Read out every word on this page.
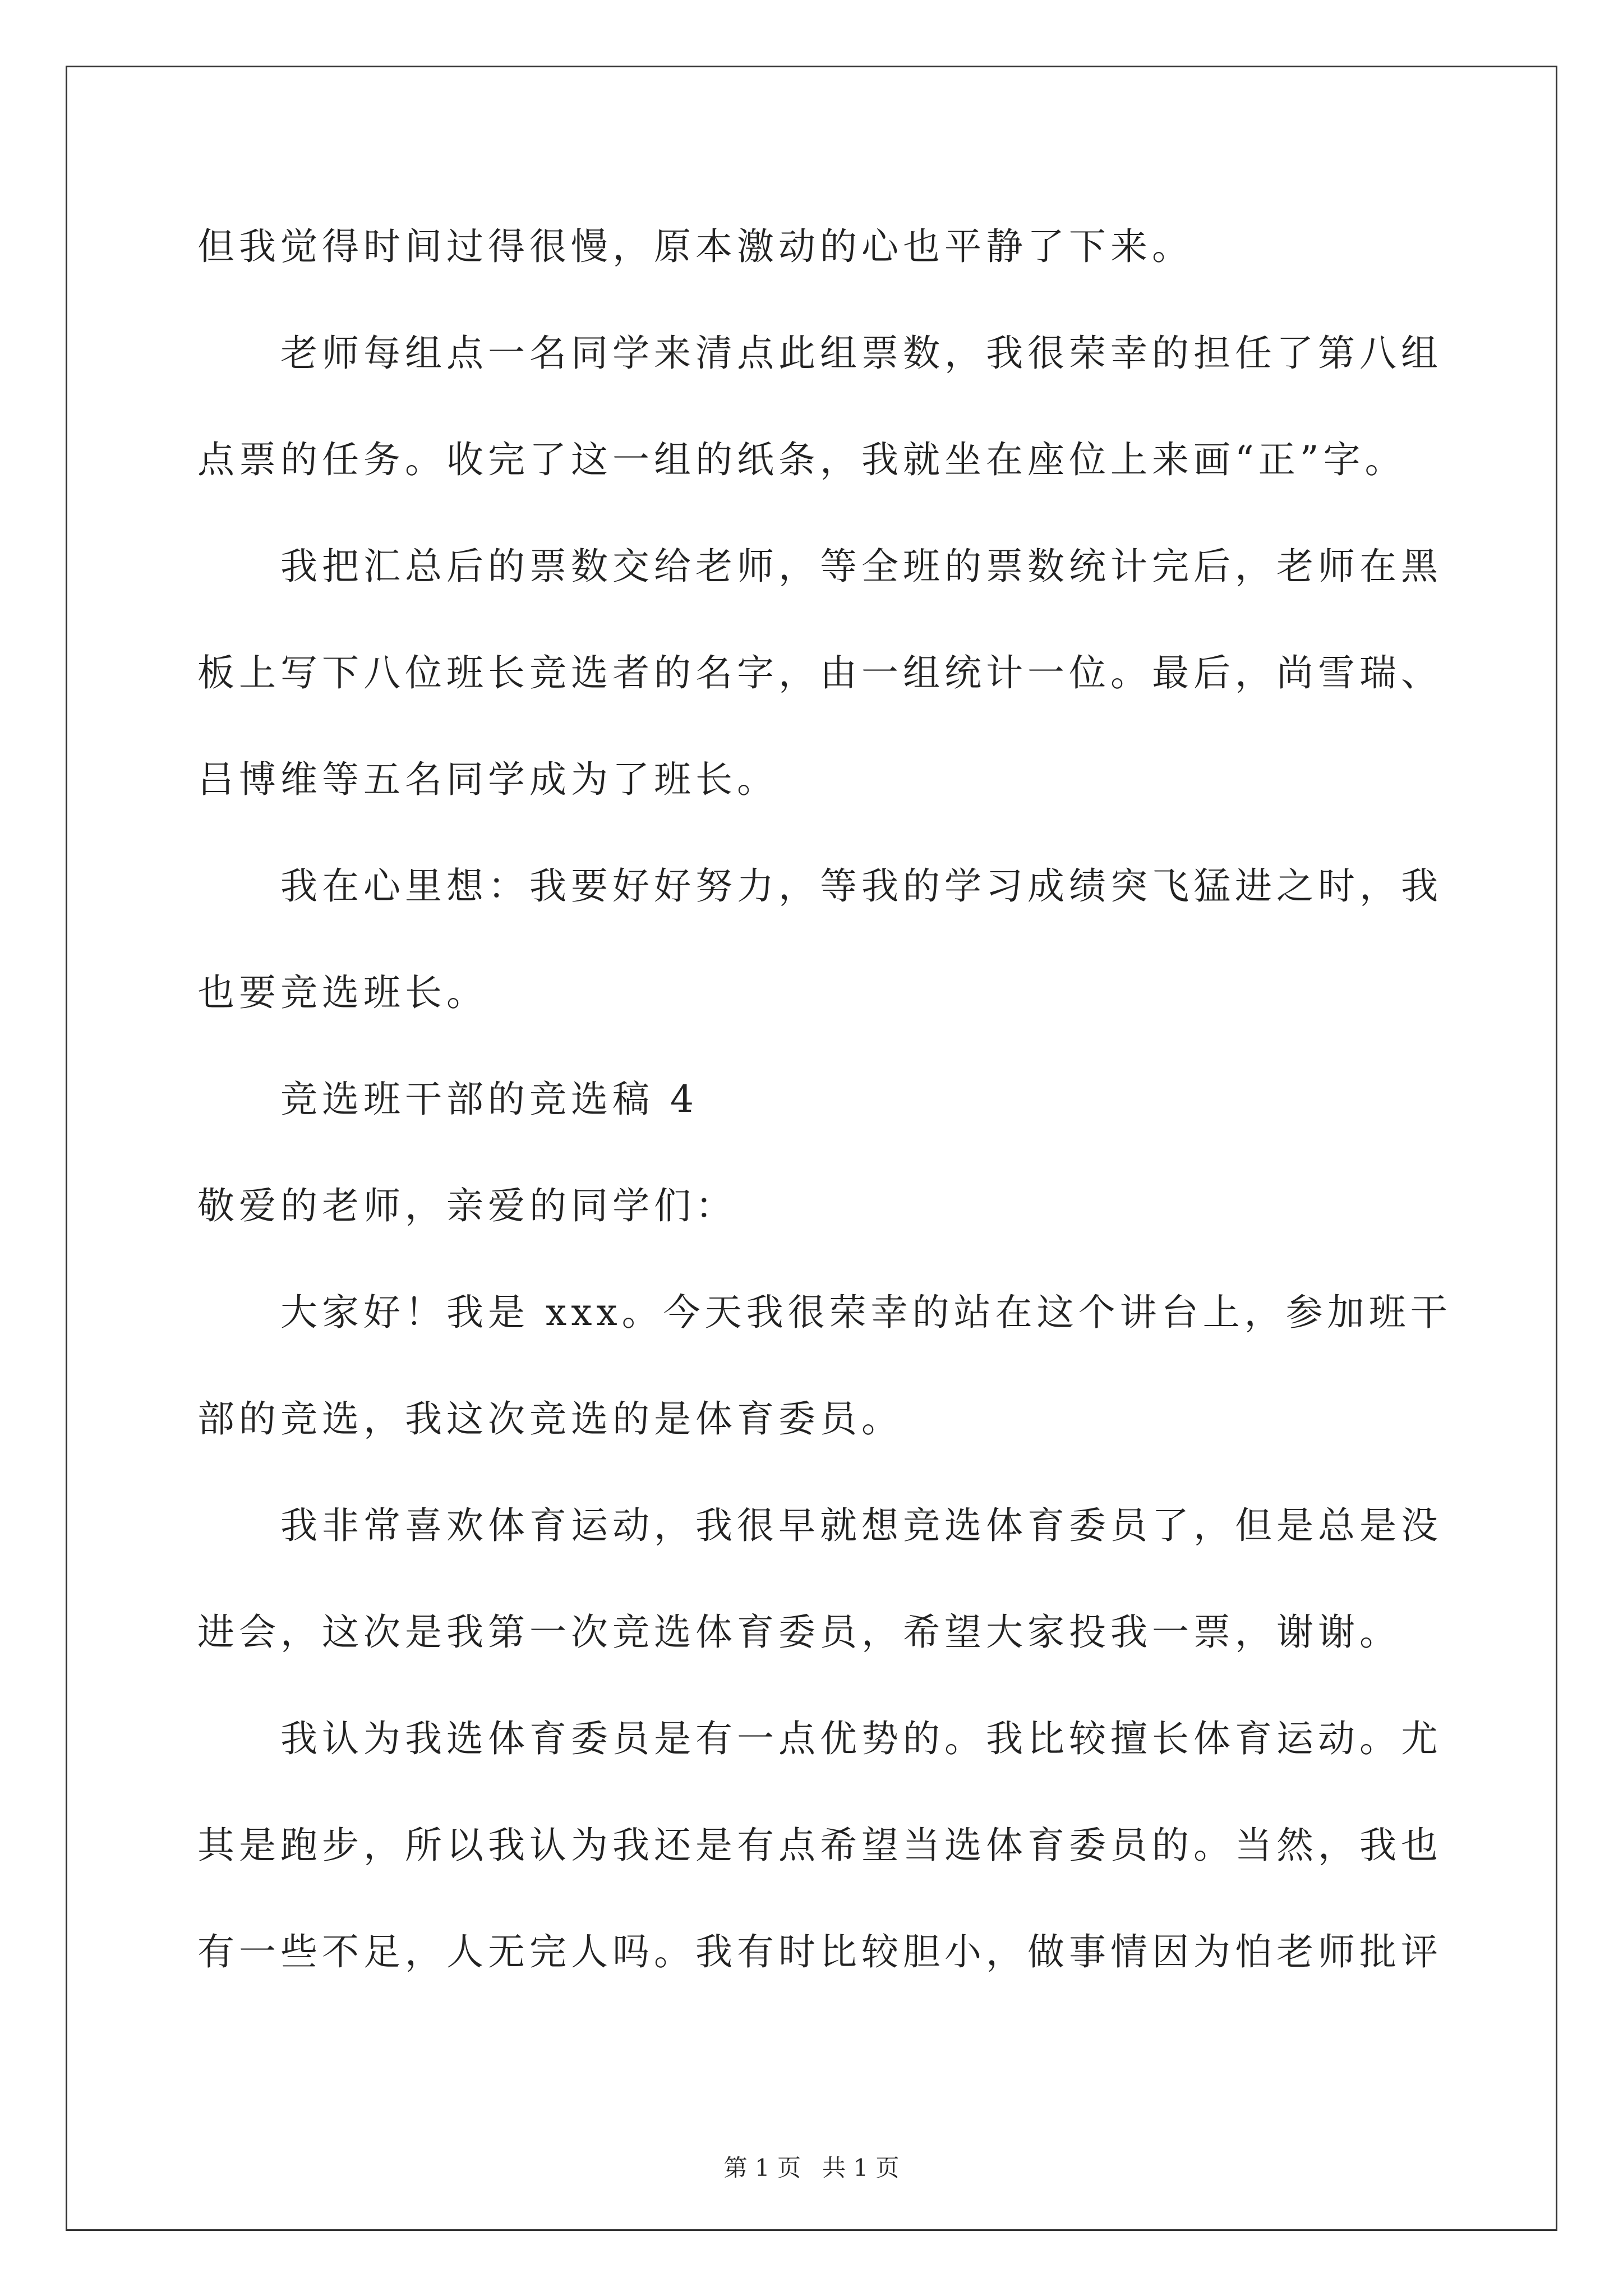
但我觉得时间过得很慢，原本激动的心也平静了下来。
老师每组点一名同学来清点此组票数，我很荣幸的担任了第八组
点票的任务。收完了这一组的纸条，我就坐在座位上来画“正”字。
我把汇总后的票数交给老师，等全班的票数统计完后，老师在黑
板上写下八位班长竞选者的名字，由一组统计一位。最后，尚雪瑞、
吕博维等五名同学成为了班长。
我在心里想：我要好好努力，等我的学习成绩突飞猛进之时，我
也要竞选班长。
竞选班干部的竞选稿 4
敬爱的老师，亲爱的同学们：
大家好！我是 xxx。今天我很荣幸的站在这个讲台上，参加班干
部的竞选，我这次竞选的是体育委员。
我非常喜欢体育运动，我很早就想竞选体育委员了，但是总是没
进会，这次是我第一次竞选体育委员，希望大家投我一票，谢谢。
我认为我选体育委员是有一点优势的。我比较擅长体育运动。尤
其是跑步，所以我认为我还是有点希望当选体育委员的。当然，我也
有一些不足，人无完人吗。我有时比较胆小，做事情因为怕老师批评
第 1 页 共 1 页
